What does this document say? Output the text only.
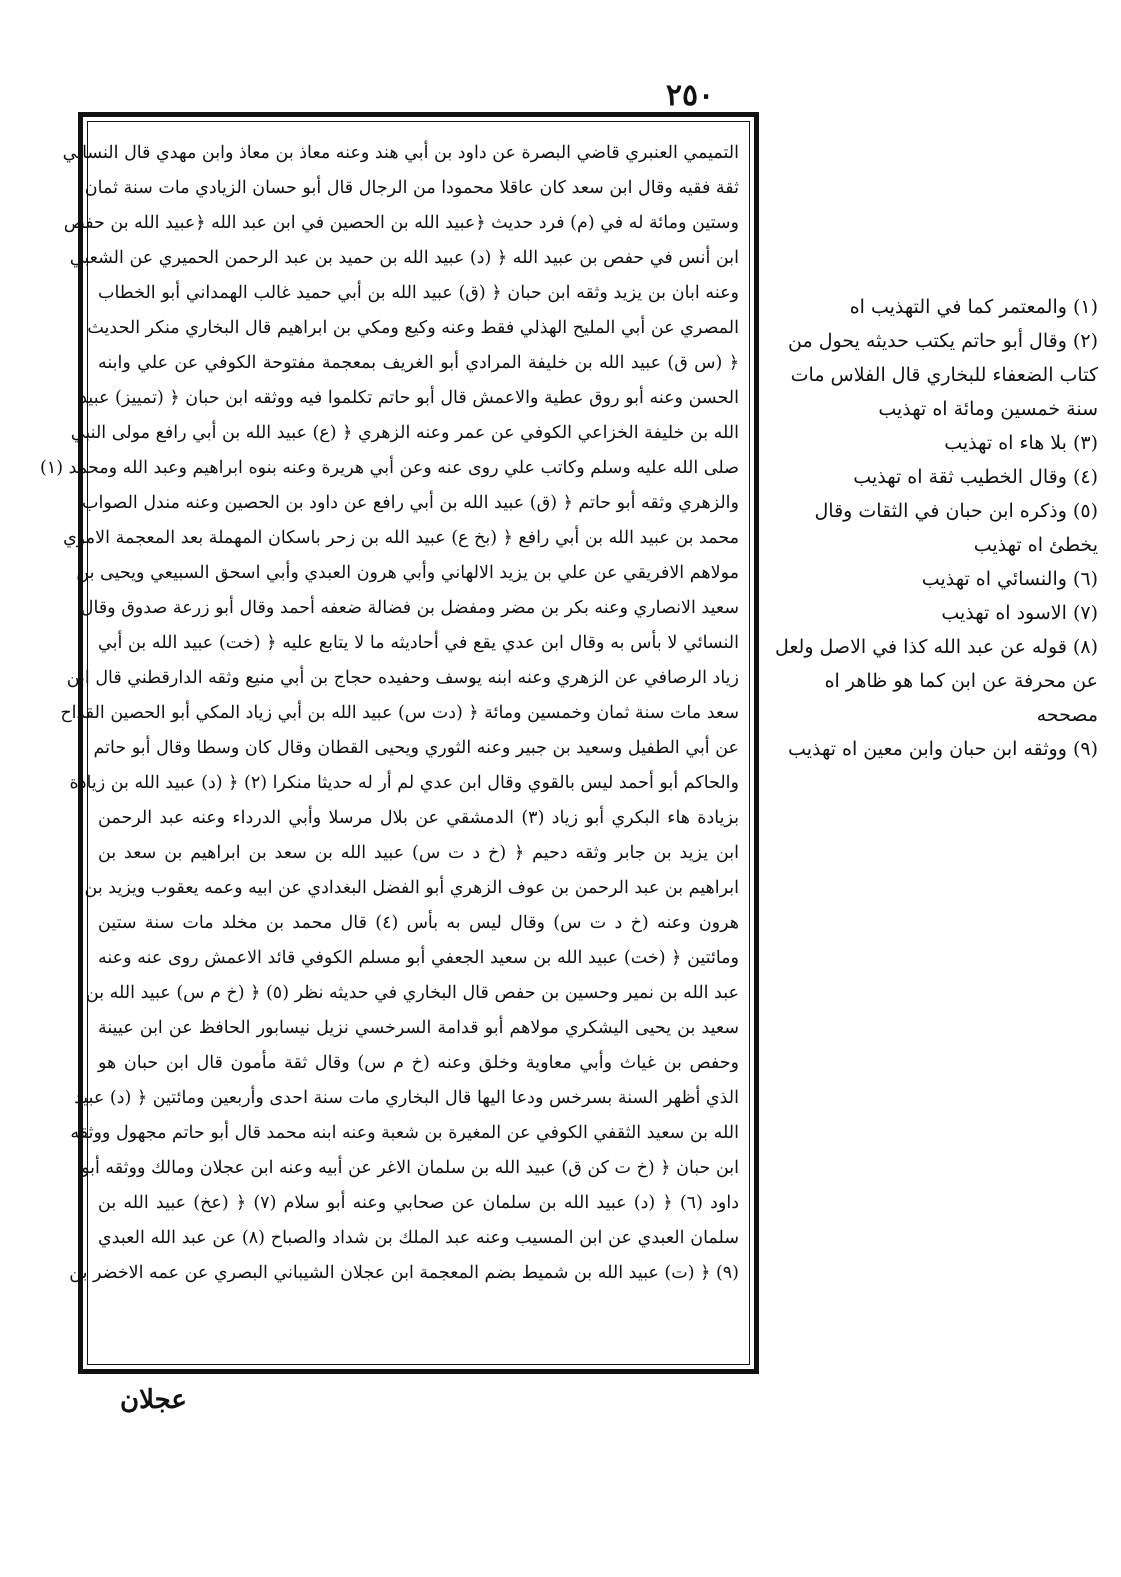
٢٥٠
التميمي العنبري قاضي البصرة عن داود بن أبي هند وعنه معاذ بن معاذ وابن مهدي قال النسائي
ثقة فقيه وقال ابن سعد كان عاقلا محمودا من الرجال قال أبو حسان الزيادي مات سنة ثمان
وستين ومائة له في (م) فرد حديث ﴿عبيد الله بن الحصين في ابن عبد الله ﴿عبيد الله بن حفص
ابن أنس في حفص بن عبيد الله ﴿ (د) عبيد الله بن حميد بن عبد الرحمن الحميري عن الشعبي
وعنه ابان بن يزيد وثقه ابن حبان ﴿ (ق) عبيد الله بن أبي حميد غالب الهمداني أبو الخطاب
المصري عن أبي المليح الهذلي فقط وعنه وكيع ومكي بن ابراهيم قال البخاري منكر الحديث
﴿ (س ق) عبيد الله بن خليفة المرادي أبو الغريف بمعجمة مفتوحة الكوفي عن علي وابنه
الحسن وعنه أبو روق عطية والاعمش قال أبو حاتم تكلموا فيه ووثقه ابن حبان ﴿ (تمييز) عبيد
الله بن خليفة الخزاعي الكوفي عن عمر وعنه الزهري ﴿ (ع) عبيد الله بن أبي رافع مولى النبي
صلى الله عليه وسلم وكاتب علي روى عنه وعن أبي هريرة وعنه بنوه ابراهيم وعبد الله ومحمد (١)
والزهري وثقه أبو حاتم ﴿ (ق) عبيد الله بن أبي رافع عن داود بن الحصين وعنه مندل الصواب
محمد بن عبيد الله بن أبي رافع ﴿ (بخ ع) عبيد الله بن زحر باسكان المهملة بعد المعجمة الاموي
مولاهم الافريقي عن علي بن يزيد الالهاني وأبي هرون العبدي وأبي اسحق السبيعي ويحيى بن
سعيد الانصاري وعنه بكر بن مضر ومفضل بن فضالة ضعفه أحمد وقال أبو زرعة صدوق وقال
النسائي لا بأس به وقال ابن عدي يقع في أحاديثه ما لا يتابع عليه ﴿ (خت) عبيد الله بن أبي
زياد الرصافي عن الزهري وعنه ابنه يوسف وحفيده حجاج بن أبي منيع وثقه الدارقطني قال ابن
سعد مات سنة ثمان وخمسين ومائة ﴿ (دت س) عبيد الله بن أبي زياد المكي أبو الحصين القداح
عن أبي الطفيل وسعيد بن جبير وعنه الثوري ويحيى القطان وقال كان وسطا وقال أبو حاتم
والحاكم أبو أحمد ليس بالقوي وقال ابن عدي لم أر له حديثا منكرا (٢) ﴿ (د) عبيد الله بن زيادة
بزيادة هاء البكري أبو زياد (٣) الدمشقي عن بلال مرسلا وأبي الدرداء وعنه عبد الرحمن
ابن يزيد بن جابر وثقه دحيم ﴿ (خ د ت س) عبيد الله بن سعد بن ابراهيم بن سعد بن
ابراهيم بن عبد الرحمن بن عوف الزهري أبو الفضل البغدادي عن ابيه وعمه يعقوب ويزيد بن
هرون وعنه (خ د ت س) وقال ليس به بأس (٤) قال محمد بن مخلد مات سنة ستين
ومائتين ﴿ (خت) عبيد الله بن سعيد الجعفي أبو مسلم الكوفي قائد الاعمش روى عنه وعنه
عبد الله بن نمير وحسين بن حفص قال البخاري في حديثه نظر (٥) ﴿ (خ م س) عبيد الله بن
سعيد بن يحيى اليشكري مولاهم أبو قدامة السرخسي نزيل نيسابور الحافظ عن ابن عيينة
وحفص بن غياث وأبي معاوية وخلق وعنه (خ م س) وقال ثقة مأمون قال ابن حبان هو
الذي أظهر السنة بسرخس ودعا اليها قال البخاري مات سنة احدى وأربعين ومائتين ﴿ (د) عبيد
الله بن سعيد الثقفي الكوفي عن المغيرة بن شعبة وعنه ابنه محمد قال أبو حاتم مجهول ووثقه
ابن حبان ﴿ (خ ت كن ق) عبيد الله بن سلمان الاغر عن أبيه وعنه ابن عجلان ومالك ووثقه أبو
داود (٦) ﴿ (د) عبيد الله بن سلمان عن صحابي وعنه أبو سلام (٧) ﴿ (عخ) عبيد الله بن
سلمان العبدي عن ابن المسيب وعنه عبد الملك بن شداد والصباح (٨) عن عبد الله العبدي
(٩) ﴿ (ت) عبيد الله بن شميط بضم المعجمة ابن عجلان الشيباني البصري عن عمه الاخضر بن
(١) والمعتمر كما في التهذيب اه
(٢) وقال أبو حاتم يكتب حديثه يحول من كتاب الضعفاء للبخاري قال الفلاس مات سنة خمسين ومائة اه تهذيب
(٣) بلا هاء اه تهذيب
(٤) وقال الخطيب ثقة اه تهذيب
(٥) وذكره ابن حبان في الثقات وقال يخطئ اه تهذيب
(٦) والنسائي اه تهذيب
(٧) الاسود اه تهذيب
(٨) قوله عن عبد الله كذا في الاصل ولعل عن محرفة عن ابن كما هو ظاهر اه مصححه
(٩) ووثقه ابن حبان وابن معين اه تهذيب
عجلان
